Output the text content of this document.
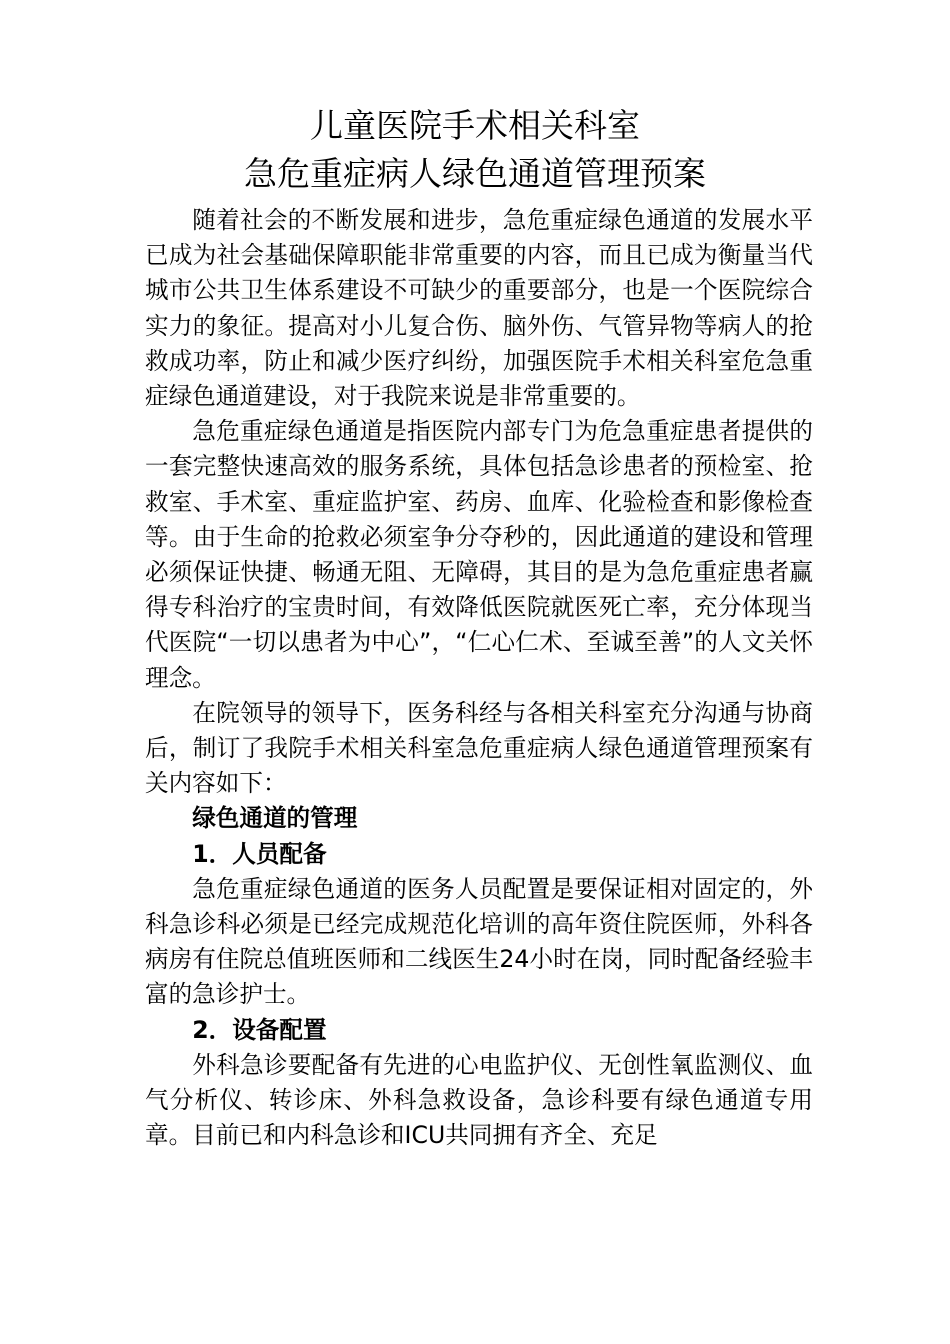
儿童医院手术相关科室
急危重症病人绿色通道管理预案

随着社会的不断发展和进步，急危重症绿色通道的发展水平已成为社会基础保障职能非常重要的内容，而且已成为衡量当代城市公共卫生体系建设不可缺少的重要部分，也是一个医院综合实力的象征。提高对小儿复合伤、脑外伤、气管异物等病人的抢救成功率，防止和减少医疗纠纷，加强医院手术相关科室危急重症绿色通道建设，对于我院来说是非常重要的。

急危重症绿色通道是指医院内部专门为危急重症患者提供的一套完整快速高效的服务系统，具体包括急诊患者的预检室、抢救室、手术室、重症监护室、药房、血库、化验检查和影像检查等。由于生命的抢救必须室争分夺秒的，因此通道的建设和管理必须保证快捷、畅通无阻、无障碍，其目的是为急危重症患者赢得专科治疗的宝贵时间，有效降低医院就医死亡率，充分体现当代医院“一切以患者为中心”，“仁心仁术、至诚至善”的人文关怀理念。

在院领导的领导下，医务科经与各相关科室充分沟通与协商后，制订了我院手术相关科室急危重症病人绿色通道管理预案有关内容如下：

绿色通道的管理
1．人员配备

急危重症绿色通道的医务人员配置是要保证相对固定的，外科急诊科必须是已经完成规范化培训的高年资住院医师，外科各病房有住院总值班医师和二线医生24小时在岗，同时配备经验丰富的急诊护士。

2．设备配置

外科急诊要配备有先进的心电监护仪、无创性氧监测仪、血气分析仪、转诊床、外科急救设备，急诊科要有绿色通道专用章。目前已和内科急诊和ICU共同拥有齐全、充足
